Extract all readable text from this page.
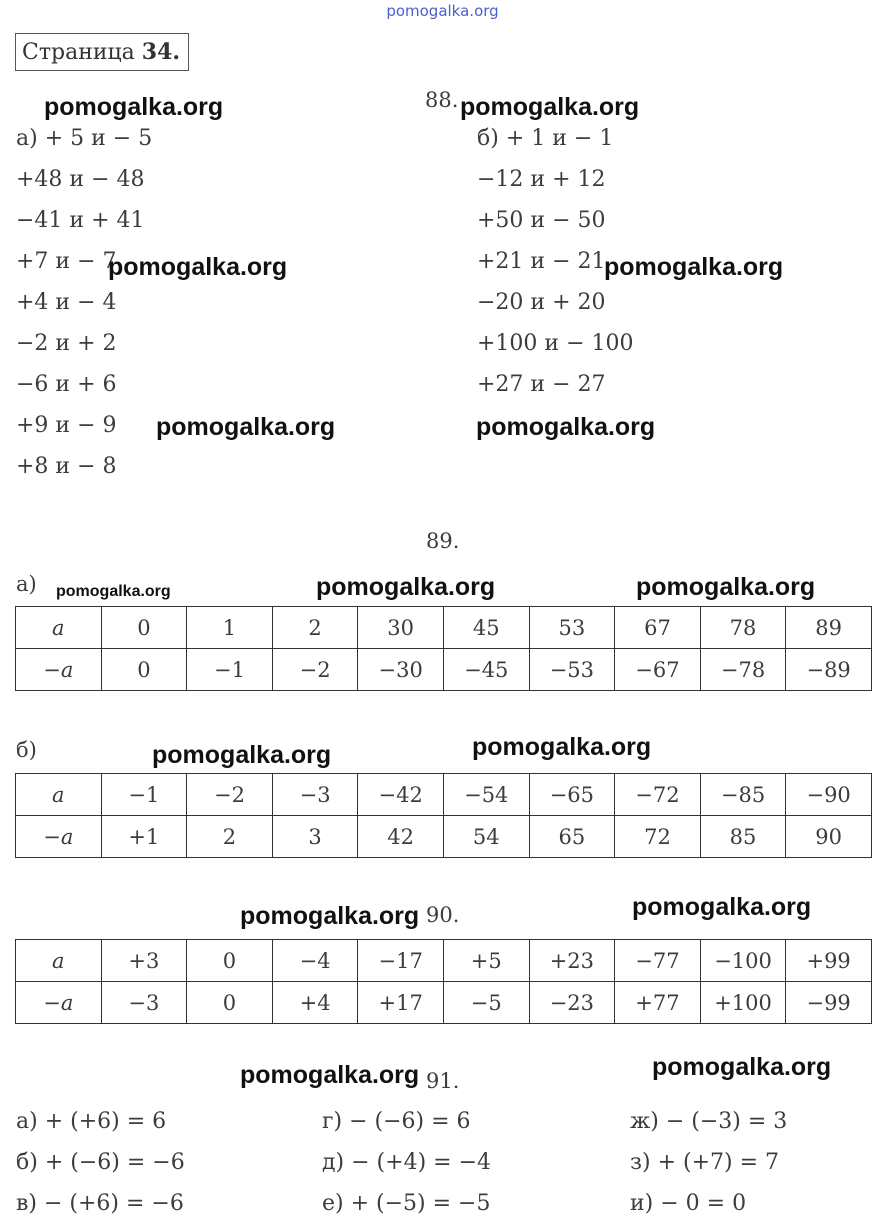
pomogalka.org
Страница 34.
88.
а) + 5 и − 5
+48 и − 48
−41 и + 41
+7 и − 7
+4 и − 4
−2 и + 2
−6 и + 6
+9 и − 9
+8 и − 8
б) + 1 и − 1
−12 и + 12
+50 и − 50
+21 и − 21
−20 и + 20
+100 и − 100
+27 и − 27
89.
а)
a	0	1	2	30	45	53	67	78	89
−a	0	−1	−2	−30	−45	−53	−67	−78	−89
б)
a	−1	−2	−3	−42	−54	−65	−72	−85	−90
−a	+1	2	3	42	54	65	72	85	90
90.
a	+3	0	−4	−17	+5	+23	−77	−100	+99
−a	−3	0	+4	+17	−5	−23	+77	+100	−99
91.
а) + (+6) = 6
б) + (−6) = −6
в) − (+6) = −6
г) − (−6) = 6
д) − (+4) = −4
е) + (−5) = −5
ж) − (−3) = 3
з) + (+7) = 7
и) − 0 = 0
pomogalka.org	pomogalka.org
pomogalka.org	pomogalka.org
pomogalka.org	pomogalka.org
pomogalka.org	pomogalka.org	pomogalka.org
pomogalka.org	pomogalka.org
pomogalka.org	pomogalka.org
pomogalka.org	pomogalka.org
